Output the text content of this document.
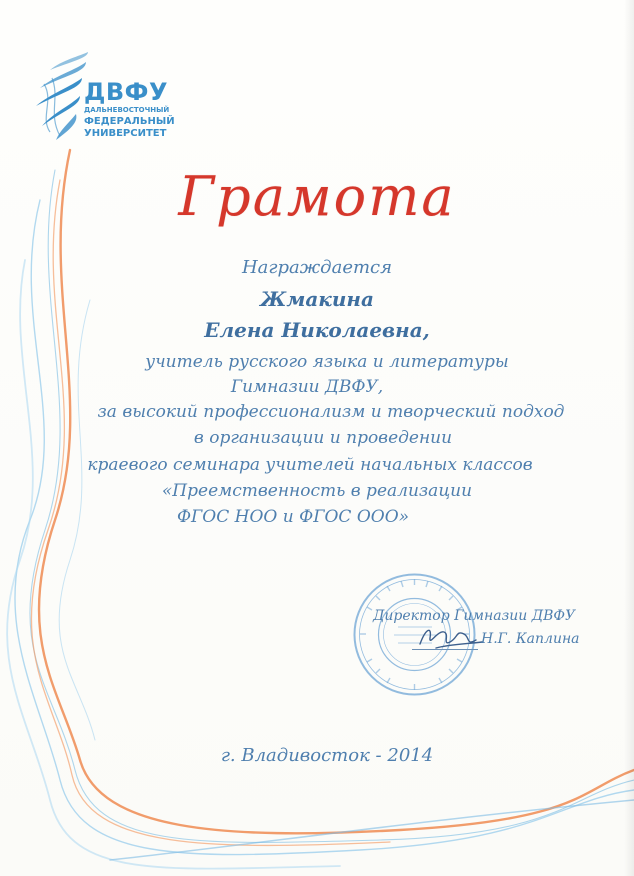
ДВФУ
ДАЛЬНЕВОСТОЧНЫЙ
ФЕДЕРАЛЬНЫЙ
УНИВЕРСИТЕТ
Грамота
Награждается
Жмакина
Елена Николаевна,
учитель русского языка и литературы
Гимназии ДВФУ,
за высокий профессионализм и творческий подход
в организации и проведении
краевого семинара учителей начальных классов
«Преемственность в реализации
ФГОС НОО и ФГОС ООО»
Директор Гимназии ДВФУ
Н.Г. Каплина
г. Владивосток - 2014
